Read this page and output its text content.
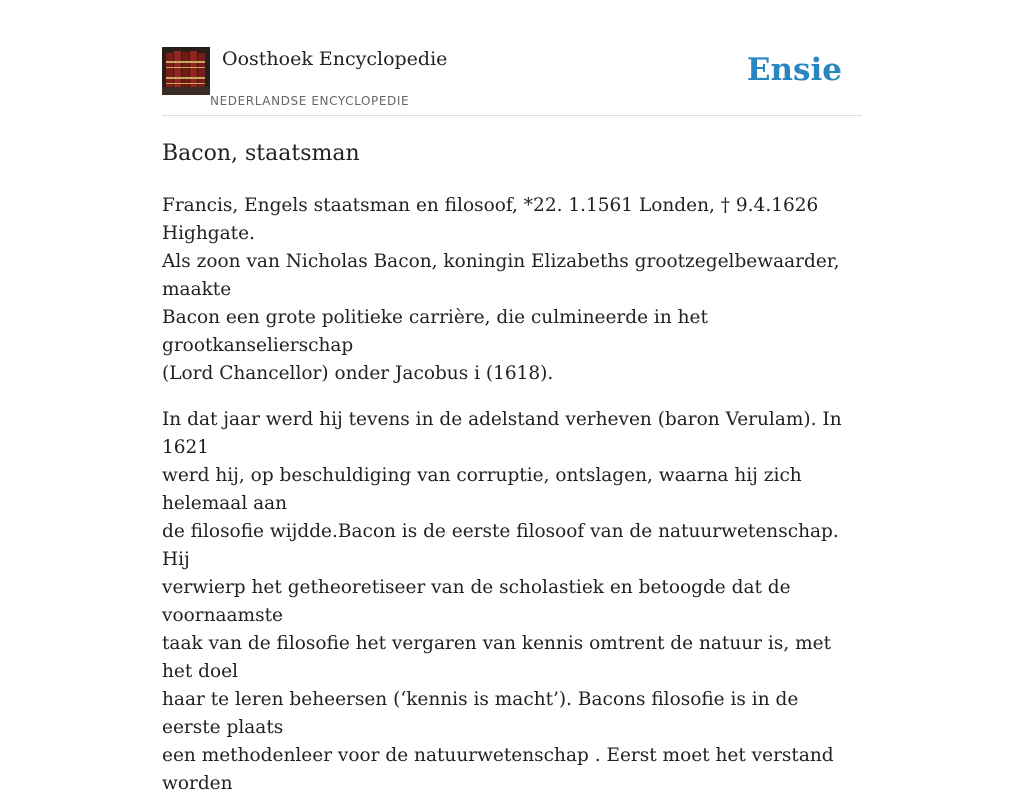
Oosthoek Encyclopedie
NEDERLANDSE ENCYCLOPEDIE
Ensie
Bacon, staatsman

Francis, Engels staatsman en filosoof, *22. 1.1561 Londen, † 9.4.1626 Highgate.
Als zoon van Nicholas Bacon, koningin Elizabeths grootzegelbewaarder, maakte
Bacon een grote politieke carrière, die culmineerde in het grootkanselierschap
(Lord Chancellor) onder Jacobus i (1618).

In dat jaar werd hij tevens in de adelstand verheven (baron Verulam). In 1621
werd hij, op beschuldiging van corruptie, ontslagen, waarna hij zich helemaal aan
de filosofie wijdde.Bacon is de eerste filosoof van de natuurwetenschap. Hij
verwierp het getheoretiseer van de scholastiek en betoogde dat de voornaamste
taak van de filosofie het vergaren van kennis omtrent de natuur is, met het doel
haar te leren beheersen (‘kennis is macht’). Bacons filosofie is in de eerste plaats
een methodenleer voor de natuurwetenschap . Eerst moet het verstand worden
